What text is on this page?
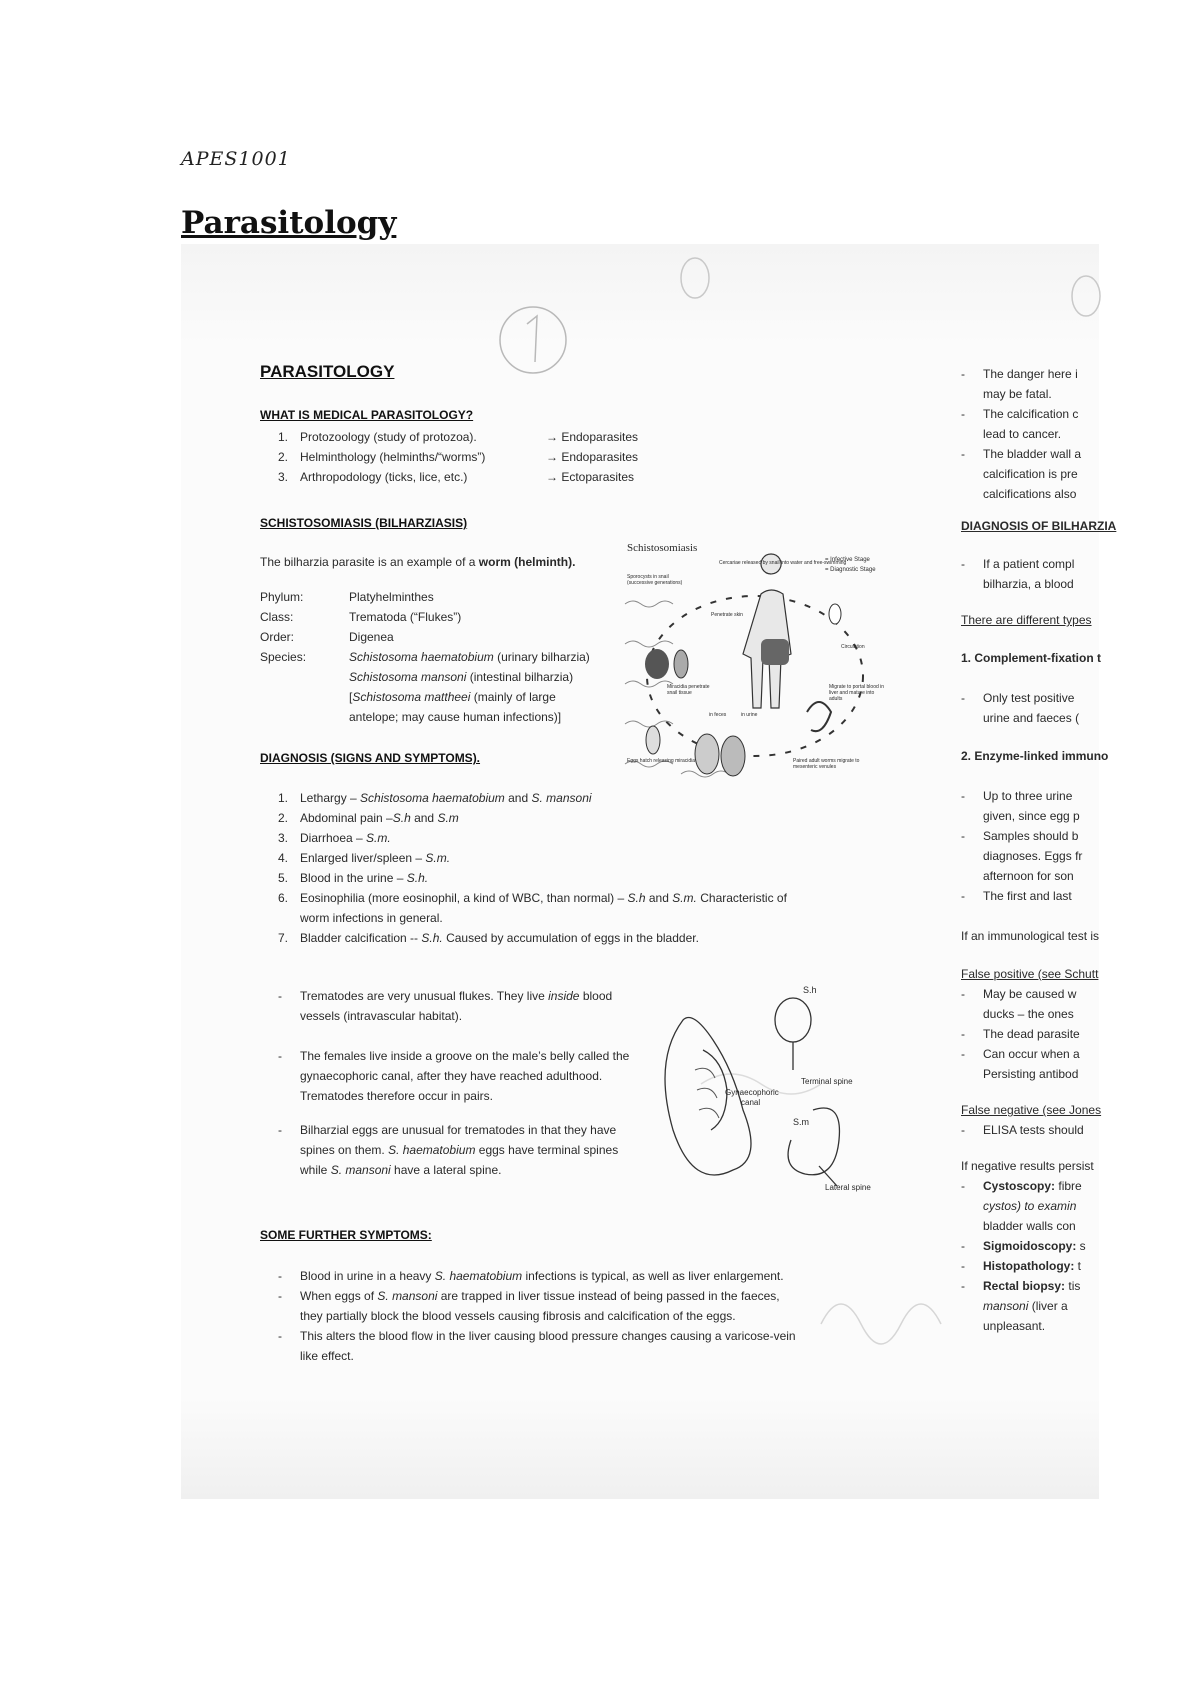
APES1001
Parasitology
PARASITOLOGY
WHAT IS MEDICAL PARASITOLOGY?
1. Protozoology (study of protozoa).	→ Endoparasites
2. Helminthology (helminths/“worms”)	→ Endoparasites
3. Arthropodology (ticks, lice, etc.)	→ Ectoparasites
SCHISTOSOMIASIS (BILHARZIASIS)
The bilharzia parasite is an example of a worm (helminth).
Phylum:	Platyhelminthes
Class:	Trematoda (“Flukes”)
Order:	Digenea
Species:	Schistosoma haematobium (urinary bilharzia)
Schistosoma mansoni (intestinal bilharzia)
[Schistosoma mattheei (mainly of large
antelope; may cause human infections)]
Schistosomiasis
= Infective Stage
= Diagnostic Stage
Eggs hatch releasing miracidia
in feces	in urine
Cercariae released by snail into water and free-swimming
Circulation
Migrate to portal blood in liver and mature into adults
Paired adult worms migrate to mesenteric venules
Penetrate skin
Sporocysts in snail (successive generations)
Miracidia penetrate snail tissue
DIAGNOSIS (SIGNS AND SYMPTOMS).
1. Lethargy – Schistosoma haematobium and S. mansoni
2. Abdominal pain –S.h and S.m
3. Diarrhoea – S.m.
4. Enlarged liver/spleen – S.m.
5. Blood in the urine – S.h.
6. Eosinophilia (more eosinophil, a kind of WBC, than normal) – S.h and S.m. Characteristic of
worm infections in general.
7. Bladder calcification -- S.h. Caused by accumulation of eggs in the bladder.
- Trematodes are very unusual flukes. They live inside blood
vessels (intravascular habitat).
- The females live inside a groove on the male’s belly called the
gynaecophoric canal, after they have reached adulthood.
Trematodes therefore occur in pairs.
- Bilharzial eggs are unusual for trematodes in that they have
spines on them. S. haematobium eggs have terminal spines
while S. mansoni have a lateral spine.
S.h
Terminal spine
Gynaecophoric
canal
S.m
Lateral spine
SOME FURTHER SYMPTOMS:
- Blood in urine in a heavy S. haematobium infections is typical, as well as liver enlargement.
- When eggs of S. mansoni are trapped in liver tissue instead of being passed in the faeces,
they partially block the blood vessels causing fibrosis and calcification of the eggs.
- This alters the blood flow in the liver causing blood pressure changes causing a varicose-vein
like effect.
- The danger here i
may be fatal.
- The calcification c
lead to cancer.
- The bladder wall a
calcification is pre
calcifications also
DIAGNOSIS OF BILHARZIA
- If a patient compl
bilharzia, a blood
There are different types
1. Complement-fixation t
- Only test positive
urine and faeces (
2. Enzyme-linked immuno
- Up to three urine
given, since egg p
- Samples should b
diagnoses. Eggs fr
afternoon for son
- The first and last
If an immunological test is
False positive (see Schutt
- May be caused w
ducks – the ones
- The dead parasite
- Can occur when a
Persisting antibod
False negative (see Jones
- ELISA tests should
If negative results persist
- Cystoscopy: fibre
cystos) to examin
bladder walls con
- Sigmoidoscopy: s
- Histopathology: t
- Rectal biopsy: tis
mansoni (liver a
unpleasant.
